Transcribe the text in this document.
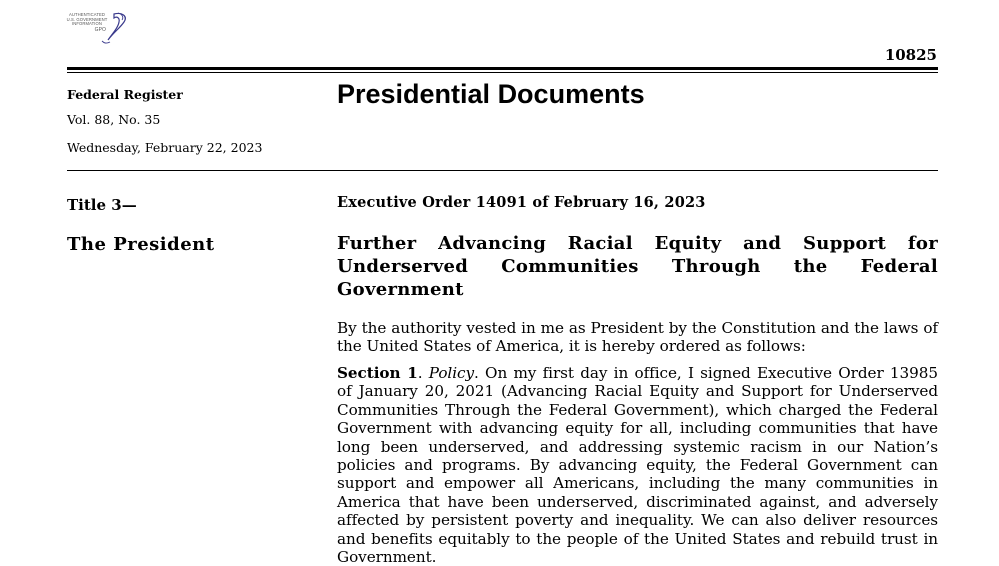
AUTHENTICATED
U.S. GOVERNMENT
INFORMATION
GPO
10825
Federal Register
Vol. 88, No. 35
Wednesday, February 22, 2023
Presidential Documents
Title 3—
The President
Executive Order 14091 of February 16, 2023
Further Advancing Racial Equity and Support for Underserved Communities Through the Federal Government
By the authority vested in me as President by the Constitution and the laws of the United States of America, it is hereby ordered as follows:
Section 1. Policy. On my first day in office, I signed Executive Order 13985 of January 20, 2021 (Advancing Racial Equity and Support for Underserved Communities Through the Federal Government), which charged the Federal Government with advancing equity for all, including communities that have long been underserved, and addressing systemic racism in our Nation’s policies and programs. By advancing equity, the Federal Government can support and empower all Americans, including the many communities in America that have been underserved, discriminated against, and adversely affected by persistent poverty and inequality. We can also deliver resources and benefits equitably to the people of the United States and rebuild trust in Government.
